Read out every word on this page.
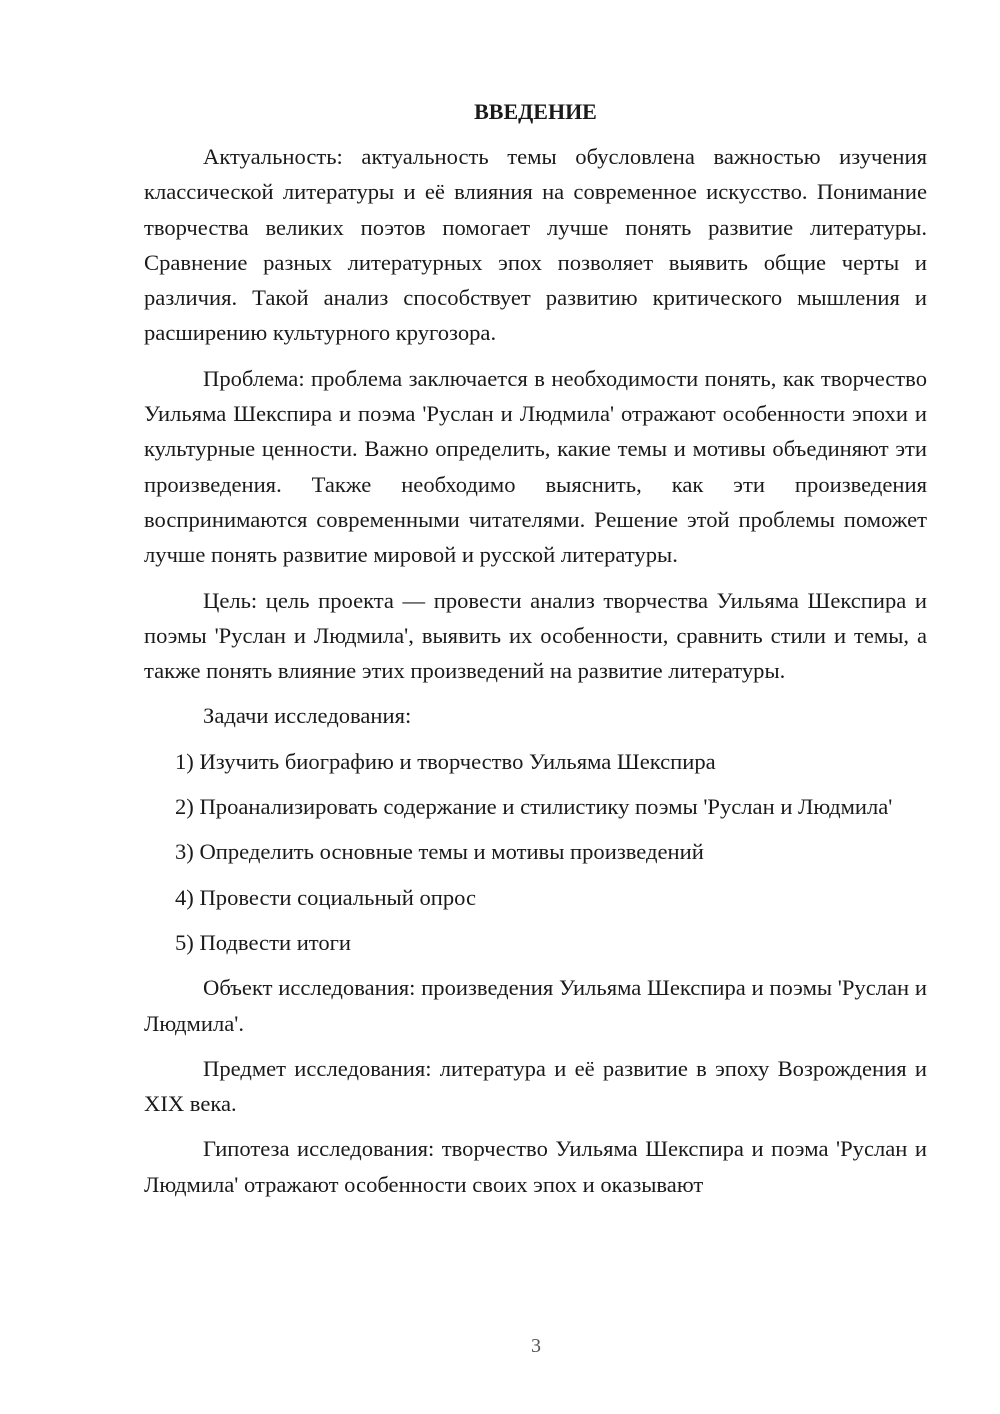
ВВЕДЕНИЕ

Актуальность: актуальность темы обусловлена важностью изучения классической литературы и её влияния на современное искусство. Понимание творчества великих поэтов помогает лучше понять развитие литературы. Сравнение разных литературных эпох позволяет выявить общие черты и различия. Такой анализ способствует развитию критического мышления и расширению культурного кругозора.

Проблема: проблема заключается в необходимости понять, как творчество Уильяма Шекспира и поэма 'Руслан и Людмила' отражают особенности эпохи и культурные ценности. Важно определить, какие темы и мотивы объединяют эти произведения. Также необходимо выяснить, как эти произведения воспринимаются современными читателями. Решение этой проблемы поможет лучше понять развитие мировой и русской литературы.

Цель: цель проекта — провести анализ творчества Уильяма Шекспира и поэмы 'Руслан и Людмила', выявить их особенности, сравнить стили и темы, а также понять влияние этих произведений на развитие литературы.

Задачи исследования:

1) Изучить биографию и творчество Уильяма Шекспира

2) Проанализировать содержание и стилистику поэмы 'Руслан и Людмила'

3) Определить основные темы и мотивы произведений

4) Провести социальный опрос

5) Подвести итоги

Объект исследования: произведения Уильяма Шекспира и поэмы 'Руслан и Людмила'.

Предмет исследования: литература и её развитие в эпоху Возрождения и XIX века.

Гипотеза исследования: творчество Уильяма Шекспира и поэма 'Руслан и Людмила' отражают особенности своих эпох и оказывают

3
